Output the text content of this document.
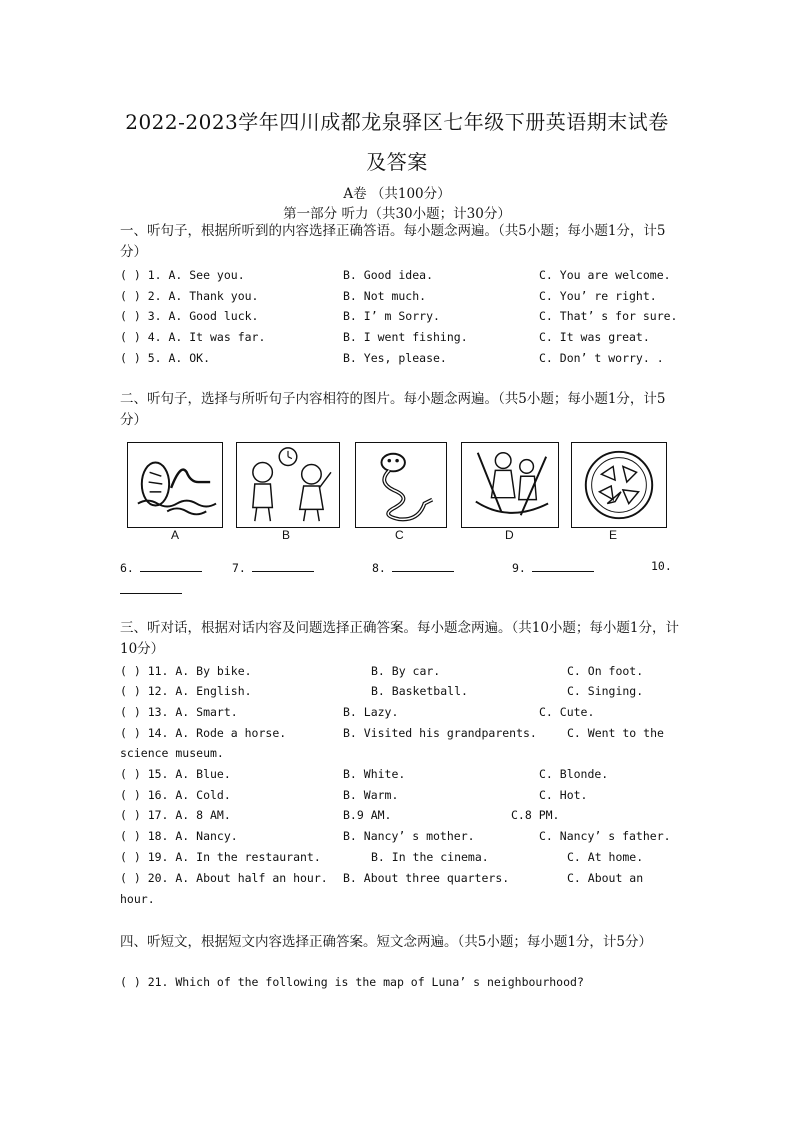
2022-2023学年四川成都龙泉驿区七年级下册英语期末试卷
及答案
A卷 （共100分）
第一部分 听力（共30小题；计30分）
一、听句子，根据所听到的内容选择正确答语。每小题念两遍。（共5小题；每小题1分，计5分）
( ) 1. A. See you.	B. Good idea.	C. You are welcome.
( ) 2. A. Thank you.	B. Not much.	C. You’ re right.
( ) 3. A. Good luck.	B. I’ m Sorry.	C. That’ s for sure.
( ) 4. A. It was far.	B. I went fishing.	C. It was great.
( ) 5. A. OK.	B. Yes, please.	C. Don’ t worry. .
二、听句子，选择与所听句子内容相符的图片。每小题念两遍。（共5小题；每小题1分，计5分）
A	B	C	D	E
6.	7.	8.	9.	10.
三、听对话，根据对话内容及问题选择正确答案。每小题念两遍。（共10小题；每小题1分，计10分）
( ) 11. A. By bike.	B. By car.	C. On foot.
( ) 12. A. English.	B. Basketball.	C. Singing.
( ) 13. A. Smart.	B. Lazy.	C. Cute.
( ) 14. A. Rode a horse.	B. Visited his grandparents.	C. Went to the
science museum.
( ) 15. A. Blue.	B. White.	C. Blonde.
( ) 16. A. Cold.	B. Warm.	C. Hot.
( ) 17. A. 8 AM.	B.9 AM.	C.8 PM.
( ) 18. A. Nancy.	B. Nancy’ s mother.	C. Nancy’ s father.
( ) 19. A. In the restaurant.	B. In the cinema.	C. At home.
( ) 20. A. About half an hour. B. About three quarters.	C. About an
hour.
四、听短文，根据短文内容选择正确答案。短文念两遍。（共5小题；每小题1分，计5分）
( ) 21. Which of the following is the map of Luna’ s neighbourhood?
